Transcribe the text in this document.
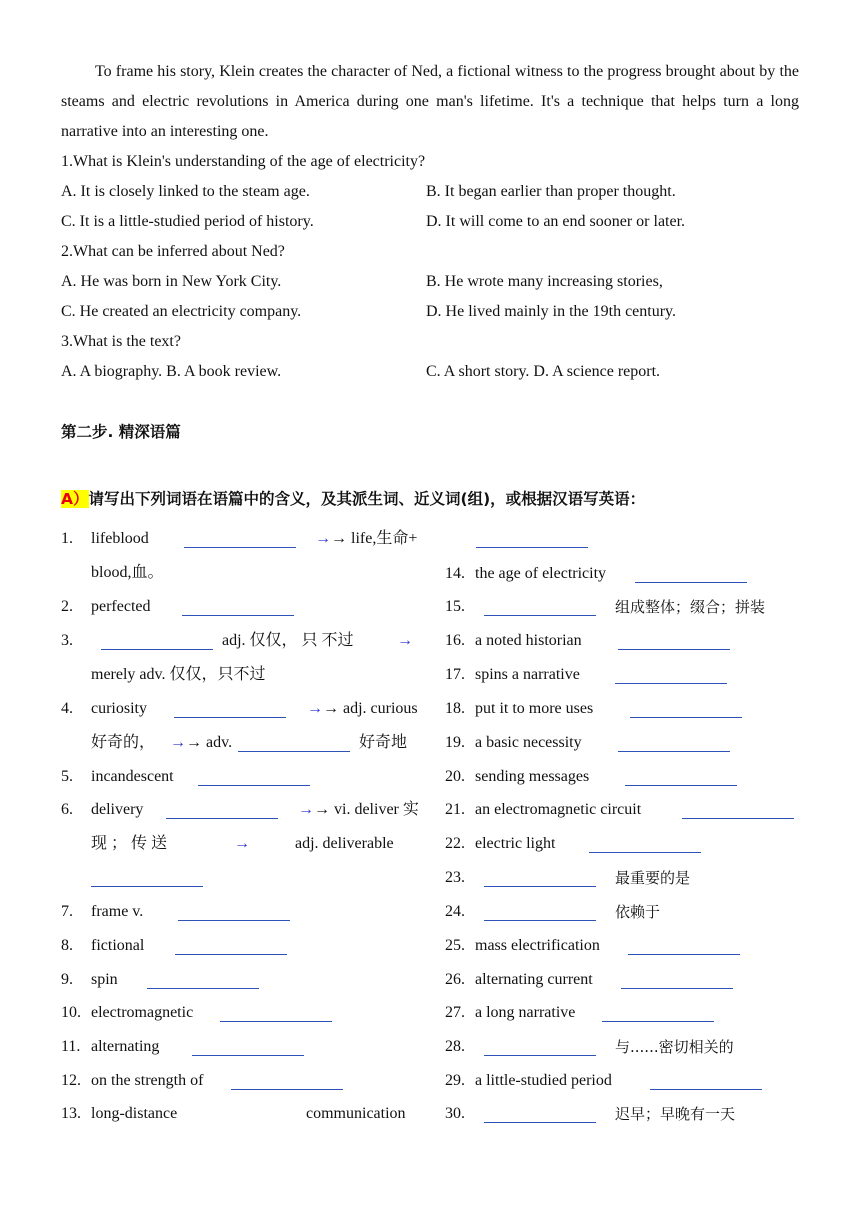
To frame his story, Klein creates the character of Ned, a fictional witness to the progress brought about by the steams and electric revolutions in America during one man's lifetime. It's a technique that helps turn a long narrative into an interesting one.
1.What is Klein's understanding of the age of electricity?
A. It is closely linked to the steam age.	B. It began earlier than proper thought.
C. It is a little-studied period of history.	D. It will come to an end sooner or later.
2.What can be inferred about Ned?
A. He was born in New York City.	B. He wrote many increasing stories,
C. He created an electricity company.	D. He lived mainly in the 19th century.
3.What is the text?
A. A biography. B. A book review.	C. A short story. D. A science report.
第二步. 精深语篇
A）请写出下列词语在语篇中的含义，及其派生词、近义词(组)，或根据汉语写英语：
1. lifeblood	→→ life,生命+
blood,血。
2. perfected
3.	adj. 仅仅， 只 不过	→
merely adv. 仅仅，只不过
4. curiosity	→→ adj. curious
好奇的， →→ adv.	好奇地
5. incandescent
6. delivery	→→ vi. deliver 实
现 ； 传 送	→	adj. deliverable
7. frame v.
8. fictional
9. spin
10. electromagnetic
11. alternating
12. on the strength of
13. long-distance	communication
14. the age of electricity
15.	组成整体；缀合；拼装
16. a noted historian
17. spins a narrative
18. put it to more uses
19. a basic necessity
20. sending messages
21. an electromagnetic circuit
22. electric light
23.	最重要的是
24.	依赖于
25. mass electrification
26. alternating current
27. a long narrative
28.	与......密切相关的
29. a little-studied period
30.	迟早；早晚有一天
